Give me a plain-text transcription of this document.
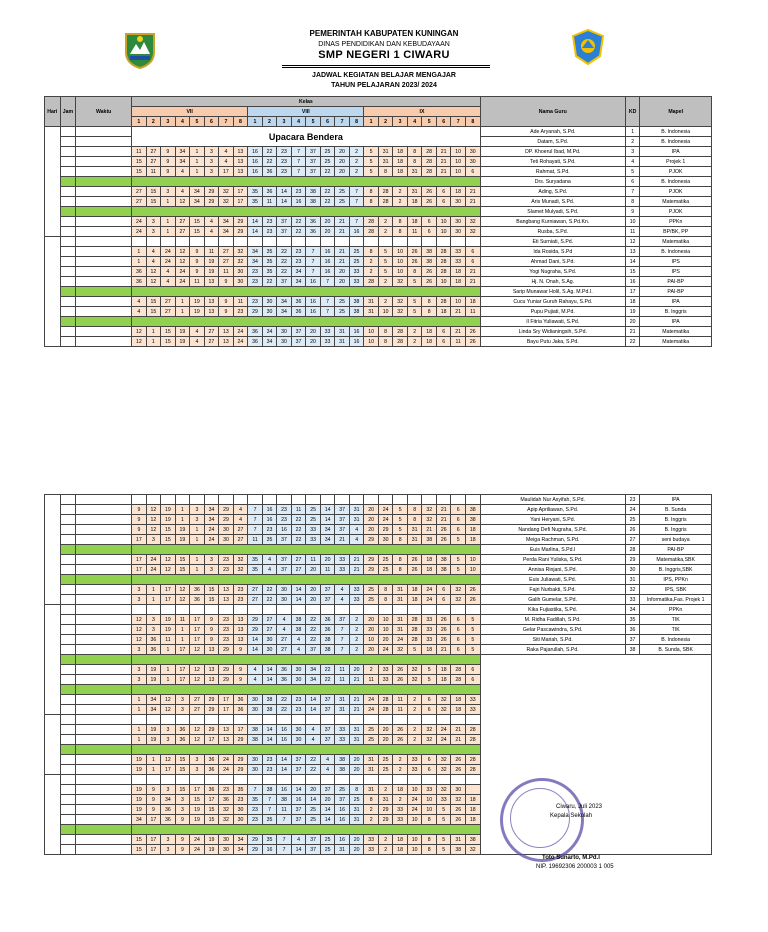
PEMERINTAH KABUPATEN KUNINGAN
DINAS PENDIDIKAN DAN KEBUDAYAAN
SMP NEGERI 1 CIWARU
JADWAL KEGIATAN BELAJAR MENGAJAR
TAHUN PELAJARAN 2023/ 2024
Hari	Jam	Waktu	Kelas																								Nama Guru	KD	Mapel
			VII								VIII								IX										
			1	2	3	4	5	6	7	8	1	2	3	4	5	6	7	8	1	2	3	4	5	6	7	8			
			Upacara Bendera																								Ade Aryanah, S.Pd.	1	B. Indonesia
																											Datam, S.Pd.	2	B. Indonesia
			11	27	9	34	1	3	4	13	16	22	23	7	37	25	20	2	5	31	18	8	28	21	10	30	DP. Khoerul Ibad, M.Pd.	3	IPA
			15	27	9	34	1	3	4	13	16	22	23	7	37	25	20	2	5	31	18	8	28	21	10	30	Teti Rohayati, S.Pd.	4	Projek 1
			15	11	9	4	1	3	17	13	16	36	23	7	37	22	20	2	5	8	18	31	28	21	10	6	Rahmat, S.Pd.	5	PJOK
																											Drs. Suryadana	6	B. Indonesia
			27	15	3	4	34	29	32	17	35	36	14	23	38	22	25	7	8	28	2	31	26	6	18	21	Ading, S.Pd.	7	PJOK
			27	15	1	12	34	29	32	17	35	11	14	16	38	22	25	7	8	28	2	18	26	6	30	21	Aris Munadi, S.Pd.	8	Matematika
																											Slamet Mulyadi, S.Pd.	9	PJOK
			24	3	1	27	15	4	34	29	14	23	37	22	36	20	21	7	28	2	8	18	6	10	30	32	Bangbang Kurniawan, S.Pd.Kn.	10	PPKn
			24	3	1	27	15	4	34	29	14	23	37	22	36	20	21	16	28	2	8	11	6	10	30	32	Rusba, S.Pd.	11	BP/BK, PP
																											Eti Surniati, S.Pd.	12	Matematika
			1	4	24	12	9	11	27	32	34	35	22	23	7	16	21	25	8	5	10	26	38	28	33	6	Ida Rosida, S.Pd	13	B. Indonesia
			1	4	24	12	9	19	27	32	34	35	22	23	7	16	21	25	2	5	10	26	38	28	33	6	Ahmad Dani, S.Pd.	14	IPS
			36	12	4	24	9	19	11	30	23	35	22	34	7	16	20	33	2	5	10	8	26	28	18	21	Yogi Nugraha, S.Pd.	15	IPS
			36	12	4	24	11	13	9	30	23	22	37	34	16	7	20	33	28	2	32	5	26	10	18	21	Hj. N. Onah, S.Ag.	16	PAI-BP
																											Sarip Munawar Holil, S.Ag. M.Pd.I.	17	PAI-BP
			4	15	27	1	19	13	9	11	23	30	34	36	16	7	25	38	31	2	32	5	8	28	10	18	Cucu Yuniar Guruh Rahayu, S.Pd.	18	IPA
			4	15	27	1	19	13	9	23	29	30	34	36	16	7	25	38	31	10	32	5	8	18	21	11	Pupu Pujiati, M.Pd.	19	B. Inggris
																											Il Fitria Yuliawati, S.Pd.	20	IPA
			12	1	15	19	4	27	13	24	36	34	30	37	20	33	31	16	10	8	28	2	18	6	21	26	Linda Sry Widianingsih, S.Pd.	21	Matematika
			12	1	15	19	4	27	13	24	36	34	30	37	20	33	31	16	10	8	28	2	18	6	11	26	Bayu Putu Jaka, S.Pd.	22	Matematika
																											Maulidah Nur Asyifah, S.Pd.	23	IPA
			9	12	19	1	3	34	29	4	7	16	23	11	25	14	37	31	20	24	5	8	32	21	6	38	Apip Apriliawan, S.Pd.	24	B. Sunda
			9	12	19	1	3	34	29	4	7	16	23	22	25	14	37	31	20	24	5	8	32	21	6	38	Yani Heryani, S.Pd.	25	B. Inggris
			9	12	15	19	1	24	30	27	7	23	16	22	33	34	37	4	20	29	5	31	21	26	6	18	Nandang Defi Nugraha, S.Pd.	26	B. Inggris
			17	3	15	19	1	24	30	27	11	35	37	22	33	34	21	4	29	30	8	31	38	26	5	18	Meiga Rachman, S.Pd.	27	seni budaya
																											Euis Marlina, S.Pd.I	28	PAI-BP
			17	24	12	15	1	3	23	32	35	4	37	27	11	20	33	21	29	25	8	26	18	38	5	10	Perda Rani Yuliska, S.Pd.	29	Matematika,SBK
			17	24	12	15	1	3	23	32	35	4	37	27	20	11	33	21	29	25	8	26	18	38	5	10	Annisa Rinjani, S.Pd.	30	B. Inggris,SBK
																											Euis Juliawati, S.Pd.	31	IPS, PPKn
			3	1	17	12	36	15	13	23	27	22	30	14	20	37	4	33	25	8	31	18	24	6	32	26	Fajri Nurbakti, S.Pd.	32	IPS, SBK
			3	1	17	12	36	15	13	23	27	22	30	14	20	37	4	33	25	8	31	18	24	6	32	26	Galih Gumelar, S.Pd.	33	Informatika,Fas. Projek 1
																											Kika Fujiastika, S.Pd.	34	PPKn
			12	3	19	11	17	9	23	13	29	27	4	38	22	36	37	2	20	10	31	28	33	26	6	5	M. Ridha Fadillah, S.Pd.	35	TIK
			12	3	19	1	17	9	23	13	29	27	4	38	22	36	7	2	20	10	31	28	33	26	6	5	Gelar Pascawindra, S.Pd.	36	TIK
			12	36	11	1	17	9	23	13	14	30	27	4	22	38	7	2	10	20	24	28	33	26	6	5	Siti Mariah, S.Pd.	37	B. Indonesia
			3	36	1	17	12	13	29	9	14	30	27	4	37	38	7	2	20	24	32	5	18	21	6	5	Raka Pajarullah, S.Pd.	38	B. Sunda, SBK

			3	19	1	17	12	13	29	9	4	14	36	30	34	22	11	20	2	33	26	32	5	18	28	6			
			3	19	1	17	12	13	29	9	4	14	36	30	34	22	11	21	11	33	26	32	5	18	28	6			

			1	34	12	3	27	29	17	36	30	38	22	23	14	37	31	21	24	28	11	2	6	32	18	33			
			1	34	12	3	27	29	17	36	30	38	22	23	14	37	31	21	24	28	11	2	6	32	18	33			

			1	19	3	36	12	29	13	17	38	14	16	30	4	37	33	31	25	20	26	2	32	24	21	28			
			1	19	3	36	12	17	13	29	38	14	16	30	4	37	33	31	25	20	26	2	32	24	21	28			

			19	1	12	15	3	36	24	29	30	23	14	37	22	4	38	20	31	25	2	33	6	32	26	28			
			19	1	17	15	3	36	24	29	30	23	14	37	22	4	38	20	31	25	2	33	6	32	26	28			

			19	9	3	15	17	36	23	35	7	38	16	14	20	37	25	8	31	2	18	10	33	32	30				
			19	9	34	3	15	17	36	23	35	7	38	16	14	20	37	25	8	31	2	24	10	33	32	18			
			19	9	36	3	19	15	32	30	23	7	11	37	25	14	16	31	2	29	33	24	10	5	26	18			
			34	17	36	9	19	15	32	30	23	35	7	37	25	14	16	31	2	29	33	10	8	5	26	18			

			15	17	3	9	24	19	30	34	29	35	7	4	37	25	16	20	33	2	18	10	8	5	31	38			
			15	17	3	9	24	19	30	34	29	16	7	14	37	25	31	20	33	2	18	10	8	5	38	32			
Ciwaru, Juli 2023
Kepala Sekolah
Toto Sunarto, M.Pd.I
NIP. 19692306 200003 1 005
